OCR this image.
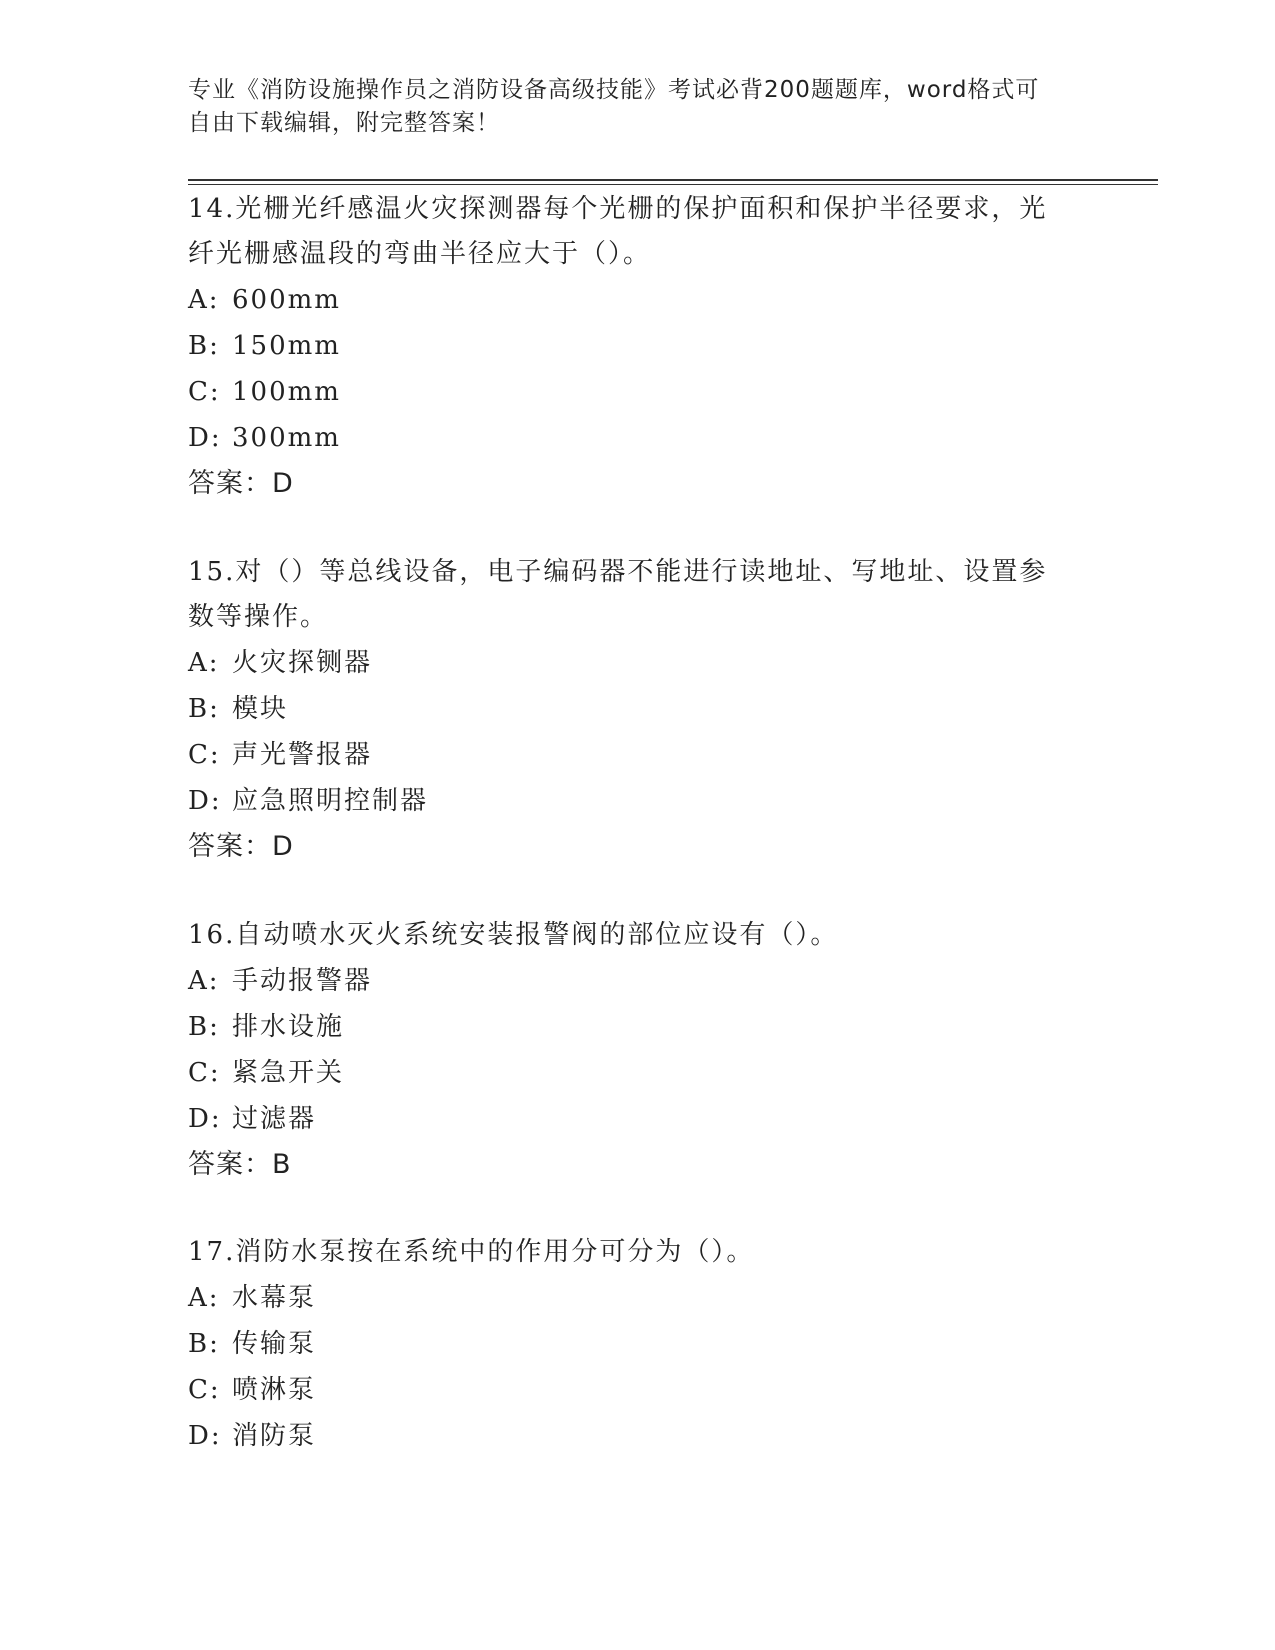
专业《消防设施操作员之消防设备高级技能》考试必背200题题库，word格式可
自由下载编辑，附完整答案！
14.光栅光纤感温火灾探测器每个光栅的保护面积和保护半径要求，光
纤光栅感温段的弯曲半径应大于（）。
A: 600mm
B: 150mm
C: 100mm
D: 300mm
答案：D
15.对（）等总线设备，电子编码器不能进行读地址、写地址、设置参
数等操作。
A: 火灾探铡器
B: 模块
C: 声光警报器
D: 应急照明控制器
答案：D
16.自动喷水灭火系统安装报警阀的部位应设有（）。
A: 手动报警器
B: 排水设施
C: 紧急开关
D: 过滤器
答案：B
17.消防水泵按在系统中的作用分可分为（）。
A: 水幕泵
B: 传输泵
C: 喷淋泵
D: 消防泵
